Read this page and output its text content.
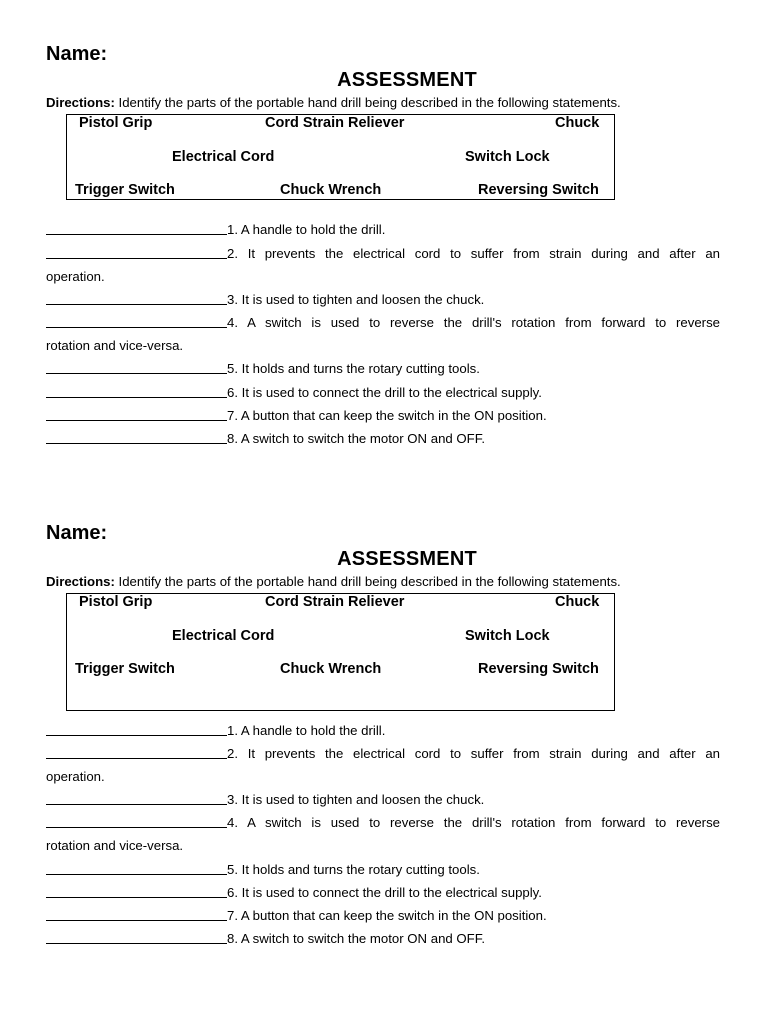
Name:
ASSESSMENT
Directions: Identify the parts of the portable hand drill being described in the following statements.
Pistol Grip	Cord Strain Reliever	Chuck
Electrical Cord	Switch Lock
Trigger Switch	Chuck Wrench	Reversing Switch
1. A handle to hold the drill.
2. It prevents the electrical cord to suffer from strain during and after an
operation.
3. It is used to tighten and loosen the chuck.
4. A switch is used to reverse the drill's rotation from forward to reverse
rotation and vice-versa.
5. It holds and turns the rotary cutting tools.
6. It is used to connect the drill to the electrical supply.
7. A button that can keep the switch in the ON position.
8. A switch to switch the motor ON and OFF.
Name:
ASSESSMENT
Directions: Identify the parts of the portable hand drill being described in the following statements.
Pistol Grip	Cord Strain Reliever	Chuck
Electrical Cord	Switch Lock
Trigger Switch	Chuck Wrench	Reversing Switch
1. A handle to hold the drill.
2. It prevents the electrical cord to suffer from strain during and after an
operation.
3. It is used to tighten and loosen the chuck.
4. A switch is used to reverse the drill's rotation from forward to reverse
rotation and vice-versa.
5. It holds and turns the rotary cutting tools.
6. It is used to connect the drill to the electrical supply.
7. A button that can keep the switch in the ON position.
8. A switch to switch the motor ON and OFF.
